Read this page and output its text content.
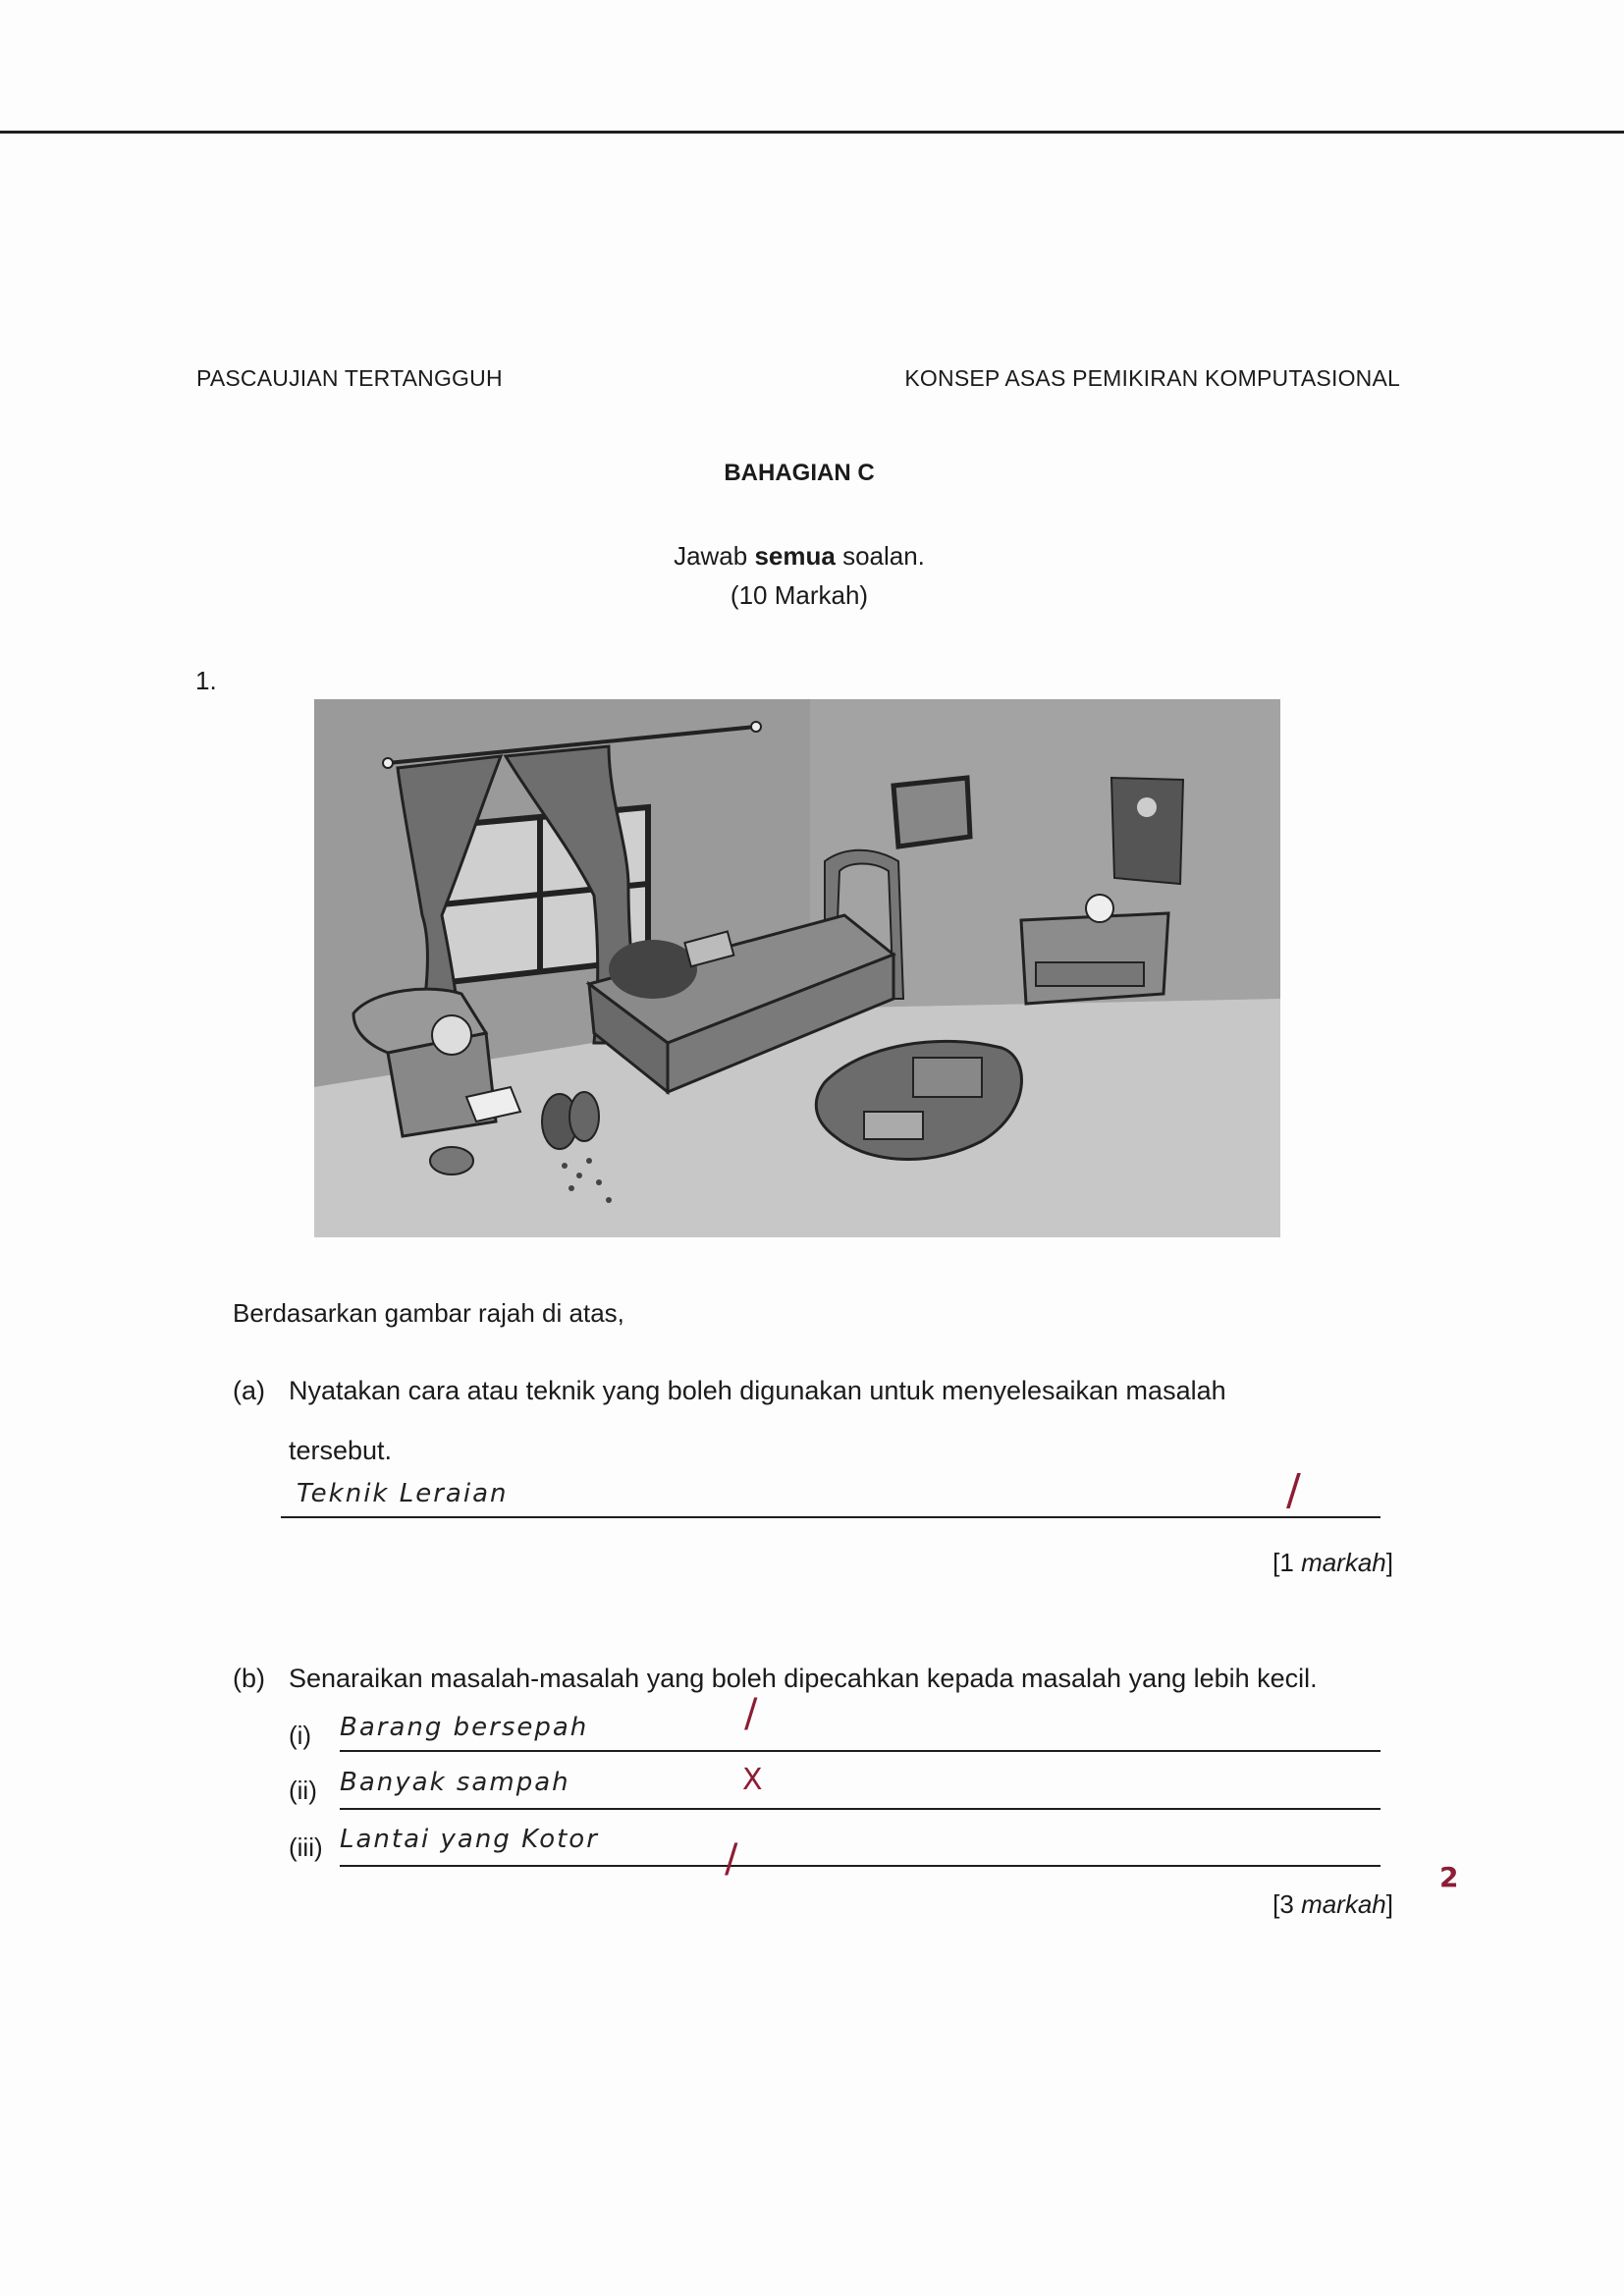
PASCAUJIAN TERTANGGUH	KONSEP ASAS PEMIKIRAN KOMPUTASIONAL
BAHAGIAN C
Jawab semua soalan.
(10 Markah)
1.
Berdasarkan gambar rajah di atas,
(a) Nyatakan cara atau teknik yang boleh digunakan untuk menyelesaikan masalah
tersebut.
Teknik Leraian	/
[1 markah]
(b) Senaraikan masalah-masalah yang boleh dipecahkan kepada masalah yang lebih kecil.
(i) Barang bersepah	/
(ii) Banyak sampah	X
(iii) Lantai yang Kotor	/	2
[3 markah]
